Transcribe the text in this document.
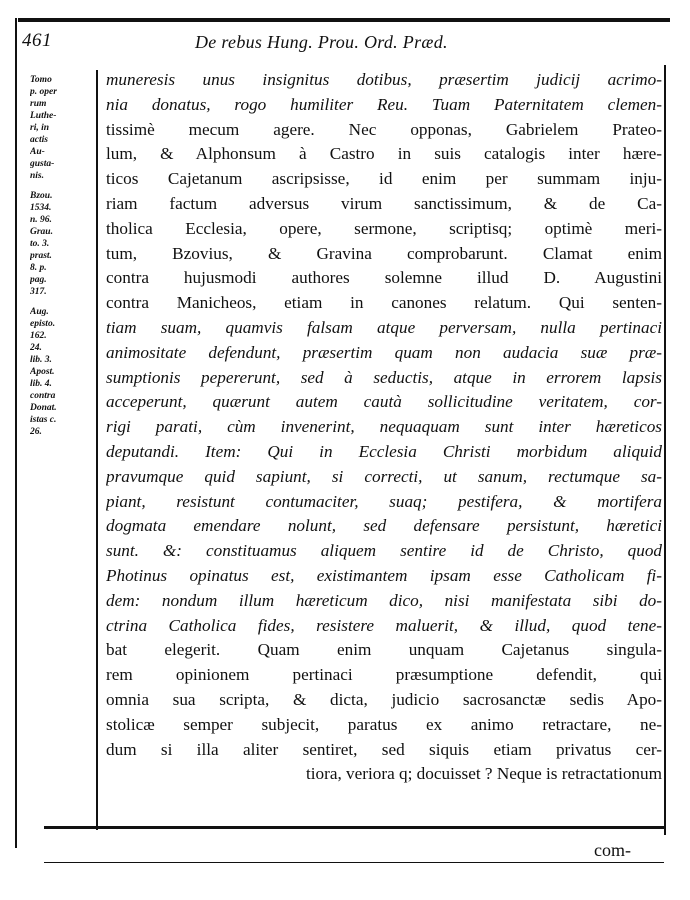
461	De rebus Hung. Prou. Ord. Præd.
Tomo
p. oper
rum
Luthe-
ri, in
actis
Au-
gusta-
nis.
Bzou.
1534.
n. 96.
Grau.
to. 3.
prast.
8. p.
pag.
317.
Aug.
episto.
162.
24.
lib. 3.
Apost.
lib. 4.
contra
Donat.
istas c.
26.
muneresis unus insignitus dotibus, præsertim judicij acrimo-
nia donatus, rogo humiliter Reu. Tuam Paternitatem clemen-
tissimè mecum agere. Nec opponas, Gabrielem Prateo-
lum, & Alphonsum à Castro in suis catalogis inter hære-
ticos Cajetanum ascripsisse, id enim per summam inju-
riam factum adversus virum sanctissimum, & de Ca-
tholica Ecclesia, opere, sermone, scriptisq; optimè meri-
tum, Bzovius, & Gravina comprobarunt. Clamat enim
contra hujusmodi authores solemne illud D. Augustini
contra Manicheos, etiam in canones relatum. Qui senten-
tiam suam, quamvis falsam atque perversam, nulla pertinaci
animositate defendunt, præsertim quam non audacia suæ præ-
sumptionis pepererunt, sed à seductis, atque in errorem lapsis
acceperunt, quærunt autem cautà sollicitudine veritatem, cor-
rigi parati, cùm invenerint, nequaquam sunt inter hæreticos
deputandi. Item: Qui in Ecclesia Christi morbidum aliquid
pravumque quid sapiunt, si correcti, ut sanum, rectumque sa-
piant, resistunt contumaciter, suaq; pestifera, & mortifera
dogmata emendare nolunt, sed defensare persistunt, hæretici
sunt. &: constituamus aliquem sentire id de Christo, quod
Photinus opinatus est, existimantem ipsam esse Catholicam fi-
dem: nondum illum hæreticum dico, nisi manifestata sibi do-
ctrina Catholica fides, resistere maluerit, & illud, quod tene-
bat elegerit. Quam enim unquam Cajetanus singula-
rem opinionem pertinaci præsumptione defendit, qui
omnia sua scripta, & dicta, judicio sacrosanctæ sedis Apo-
stolicæ semper subjecit, paratus ex animo retractare, ne-
dum si illa aliter sentiret, sed siquis etiam privatus cer-
tiora, veriora q; docuisset ? Neque is retractationum
com-
